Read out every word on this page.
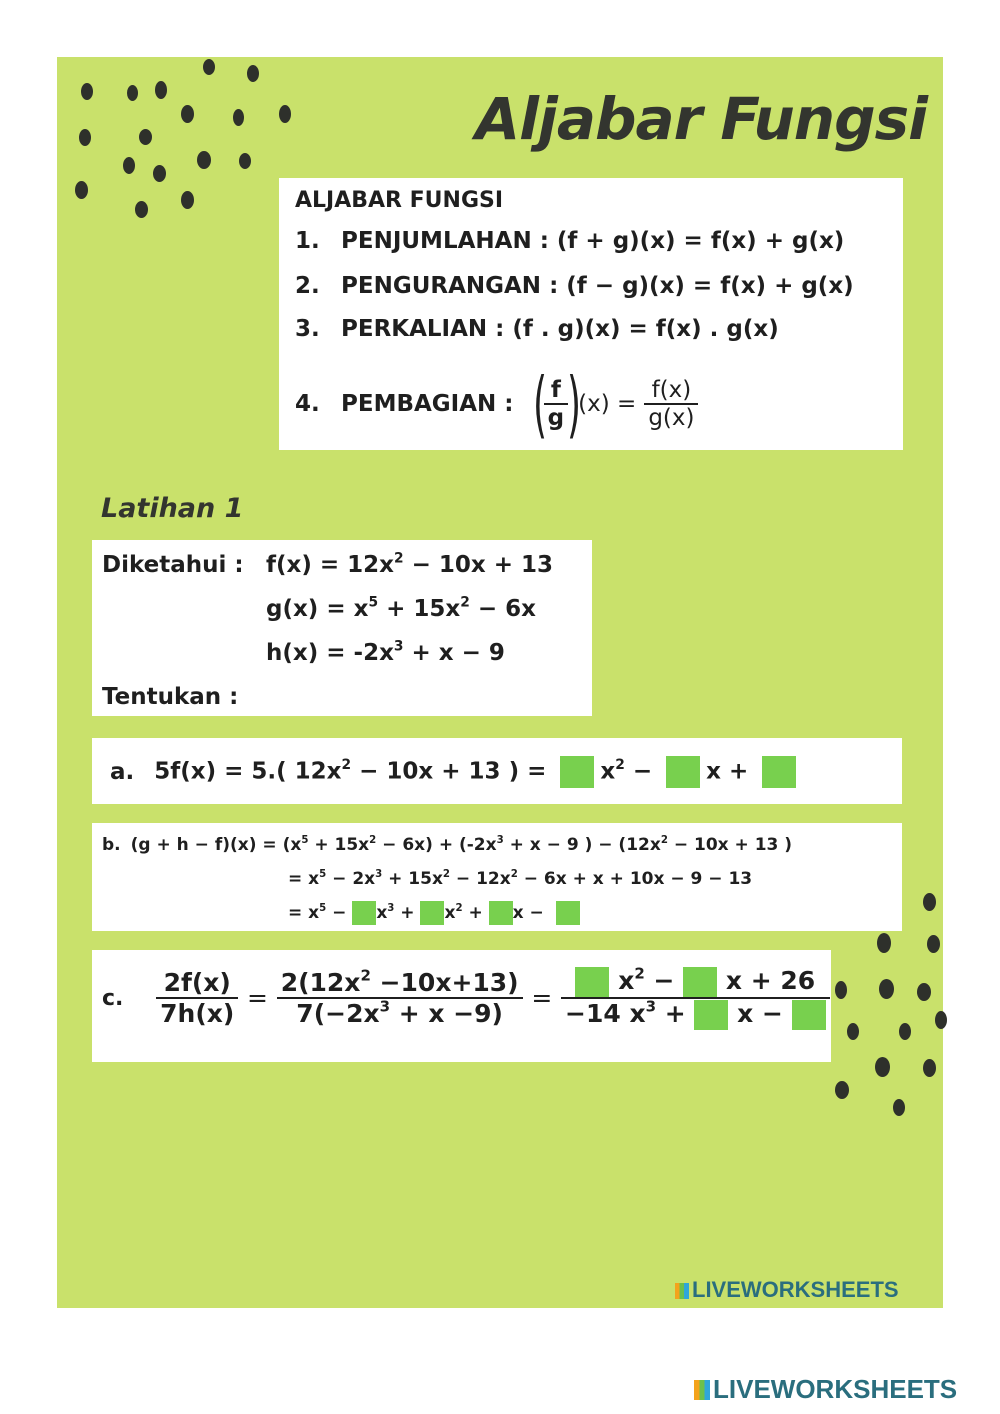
Aljabar Fungsi
ALJABAR FUNGSI
1. PENJUMLAHAN : (f + g)(x) = f(x) + g(x)
2. PENGURANGAN : (f − g)(x) = f(x) + g(x)
3. PERKALIAN : (f . g)(x) = f(x) . g(x)
4. PEMBAGIAN : (
$\frac{f}{g} )(x) = \frac{f(x)}{g(x)}$
Latihan 1
Diketahui : $f(x) = 12x^2 - 10x + 13$
$g(x) = x^5 + 15x^2 - 6x$
$h(x) = -2x^3 + x - 9$
Tentukan :
a. 5f(x) = 5.( $12x^2 - 10x + 13$ ) = $x^2 - x$ +
b. $(g + h - f)(x) = (x^5 + 15x^2 - 6x) + (-2x^3 + x - 9$ ) − ($12x^2 - 10x + 13$ )
= $x^5 - 2x^3 + 15x^2 - 12x^2 - 6x + x + 10x - 9 - 13$
= $x^5 - x^3 + x^2 + x$ −
c. $\frac{2f(x)}{7h(x)} = \frac{2(12x^2 -10x+13)}{7(-2x^3 + x -9)} = \frac{x^2 - x + 26}{-14 x^3 + x -}$
LIVEWORKSHEETS
LIVEWORKSHEETS
